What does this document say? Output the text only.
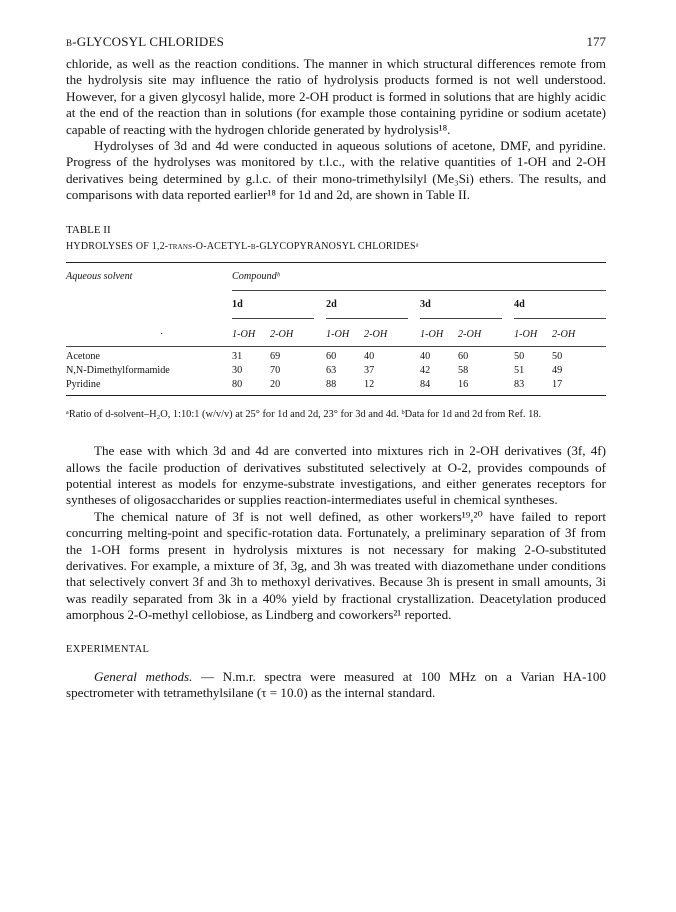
β-GLYCOSYL CHLORIDES	177

chloride, as well as the reaction conditions. The manner in which structural differences remote from the hydrolysis site may influence the ratio of hydrolysis products formed is not well understood. However, for a given glycosyl halide, more 2-OH product is formed in solutions that are highly acidic at the end of the reaction than in solutions (for example those containing pyridine or sodium acetate) capable of reacting with the hydrogen chloride generated by hydrolysis¹⁸.

Hydrolyses of 3d and 4d were conducted in aqueous solutions of acetone, DMF, and pyridine. Progress of the hydrolyses was monitored by t.l.c., with the relative quantities of 1-OH and 2-OH derivatives being determined by g.l.c. of their mono-trimethylsilyl (Me₃Si) ethers. The results, and comparisons with data reported earlier¹⁸ for 1d and 2d, are shown in Table II.

TABLE II
HYDROLYSES OF 1,2-trans-O-ACETYL-β-GLYCOPYRANOSYL CHLORIDESᵃ

Aqueous solvent	Compoundᵇ							

	1d		2d		3d		4d	

·	1-OH	2-OH	1-OH	2-OH	1-OH	2-OH	1-OH	2-OH

Acetone	31	69	60	40	40	60	50	50
N,N-Dimethylformamide	30	70	63	37	42	58	51	49
Pyridine	80	20	88	12	84	16	83	17

ᵃRatio of d-solvent–H₂O, 1:10:1 (w/v/v) at 25° for 1d and 2d, 23° for 3d and 4d. ᵇData for 1d and 2d from Ref. 18.

The ease with which 3d and 4d are converted into mixtures rich in 2-OH derivatives (3f, 4f) allows the facile production of derivatives substituted selectively at O-2, provides compounds of potential interest as models for enzyme-substrate investigations, and either generates receptors for syntheses of oligosaccharides or supplies reaction-intermediates useful in chemical syntheses.

The chemical nature of 3f is not well defined, as other workers¹⁹,²⁰ have failed to report concurring melting-point and specific-rotation data. Fortunately, a preliminary separation of 3f from the 1-OH forms present in hydrolysis mixtures is not necessary for making 2-O-substituted derivatives. For example, a mixture of 3f, 3g, and 3h was treated with diazomethane under conditions that selectively convert 3f and 3h to methoxyl derivatives. Because 3h is present in small amounts, 3i was readily separated from 3k in a 40% yield by fractional crystallization. Deacetylation produced amorphous 2-O-methyl cellobiose, as Lindberg and coworkers²¹ reported.

EXPERIMENTAL

General methods. — N.m.r. spectra were measured at 100 MHz on a Varian HA-100 spectrometer with tetramethylsilane (τ = 10.0) as the internal standard.
